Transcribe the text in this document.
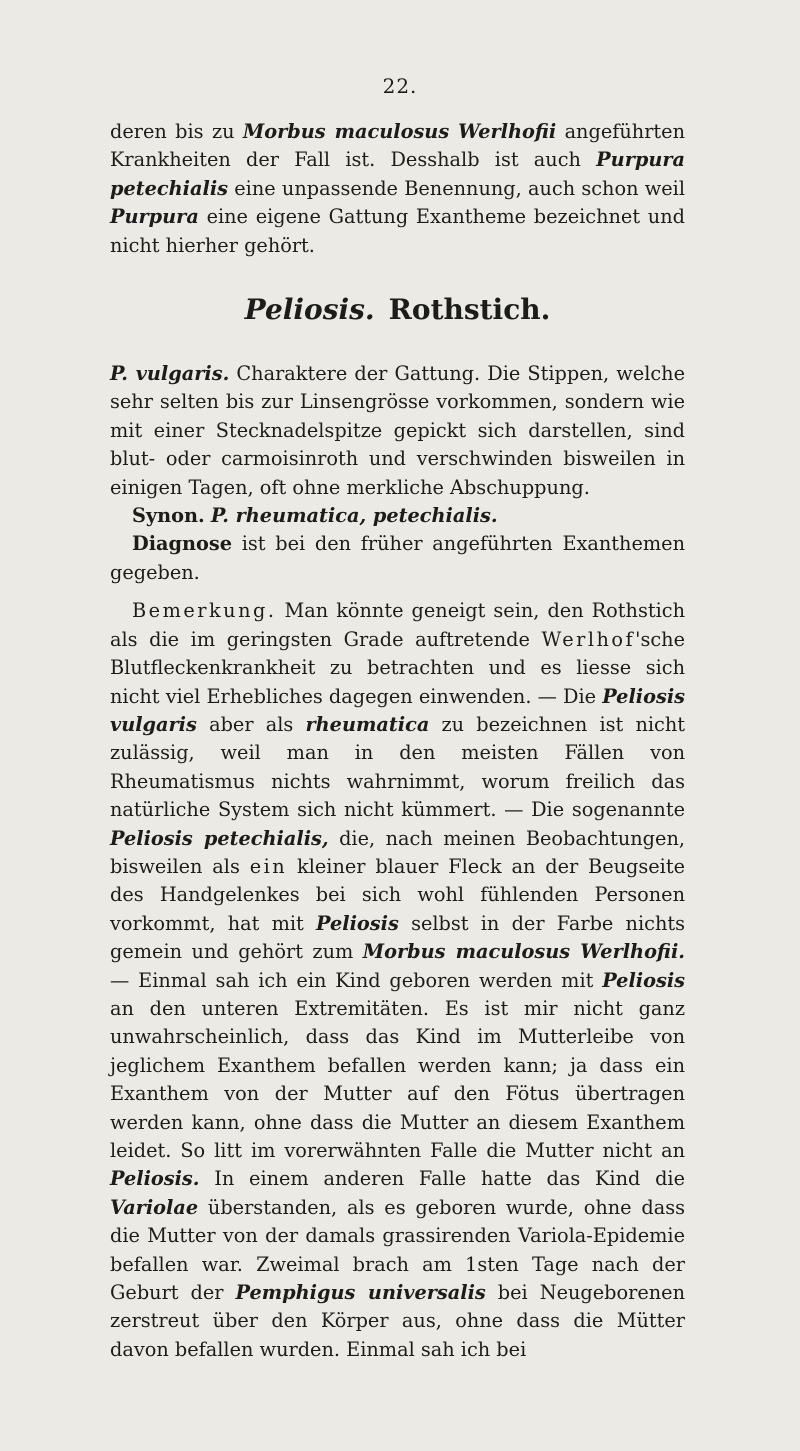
22.

deren bis zu Morbus maculosus Werlhofii angeführten Krankheiten der Fall ist. Desshalb ist auch Purpura petechialis eine unpassende Benennung, auch schon weil Purpura eine eigene Gattung Exantheme bezeichnet und nicht hierher gehört.

Peliosis. Rothstich.

P. vulgaris. Charaktere der Gattung. Die Stippen, welche sehr selten bis zur Linsengrösse vorkommen, sondern wie mit einer Stecknadelspitze gepickt sich darstellen, sind blut- oder carmoisinroth und verschwinden bisweilen in einigen Tagen, oft ohne merkliche Abschuppung.

Synon. P. rheumatica, petechialis.

Diagnose ist bei den früher angeführten Exanthemen gegeben.

Bemerkung. Man könnte geneigt sein, den Rothstich als die im geringsten Grade auftretende Werlhof'sche Blutfleckenkrankheit zu betrachten und es liesse sich nicht viel Erhebliches dagegen einwenden. — Die Peliosis vulgaris aber als rheumatica zu bezeichnen ist nicht zulässig, weil man in den meisten Fällen von Rheumatismus nichts wahrnimmt, worum freilich das natürliche System sich nicht kümmert. — Die sogenannte Peliosis petechialis, die, nach meinen Beobachtungen, bisweilen als ein kleiner blauer Fleck an der Beugseite des Handgelenkes bei sich wohl fühlenden Personen vorkommt, hat mit Peliosis selbst in der Farbe nichts gemein und gehört zum Morbus maculosus Werlhofii. — Einmal sah ich ein Kind geboren werden mit Peliosis an den unteren Extremitäten. Es ist mir nicht ganz unwahrscheinlich, dass das Kind im Mutterleibe von jeglichem Exanthem befallen werden kann; ja dass ein Exanthem von der Mutter auf den Fötus übertragen werden kann, ohne dass die Mutter an diesem Exanthem leidet. So litt im vorerwähnten Falle die Mutter nicht an Peliosis. In einem anderen Falle hatte das Kind die Variolae überstanden, als es geboren wurde, ohne dass die Mutter von der damals grassirenden Variola-Epidemie befallen war. Zweimal brach am 1sten Tage nach der Geburt der Pemphigus universalis bei Neugeborenen zerstreut über den Körper aus, ohne dass die Mütter davon befallen wurden. Einmal sah ich bei
